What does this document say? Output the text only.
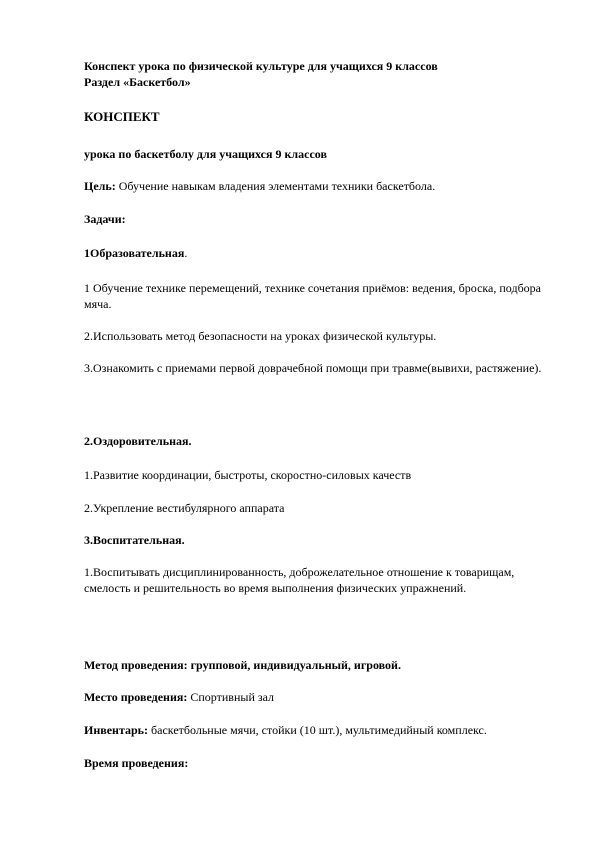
Конспект урока по физической культуре для учащихся 9 классов

Раздел «Баскетбол»

КОНСПЕКТ

урока по баскетболу для учащихся 9 классов

Цель: Обучение навыкам владения элементами техники баскетбола.

Задачи:

1Образовательная.

1 Обучение технике перемещений, технике сочетания приёмов: ведения, броска, подбора мяча.

2.Использовать метод безопасности на уроках физической культуры.

3.Ознакомить с приемами первой доврачебной помощи при травме(вывихи, растяжение).

2.Оздоровительная.

1.Развитие координации, быстроты, скоростно-силовых качеств

2.Укрепление вестибулярного аппарата

3.Воспитательная.

1.Воспитывать дисциплинированность, доброжелательное отношение к товарищам, смелость и решительность во время выполнения физических упражнений.

Метод проведения: групповой, индивидуальный, игровой.

Место проведения: Спортивный зал

Инвентарь: баскетбольные мячи, стойки (10 шт.), мультимедийный комплекс.

Время проведения:
